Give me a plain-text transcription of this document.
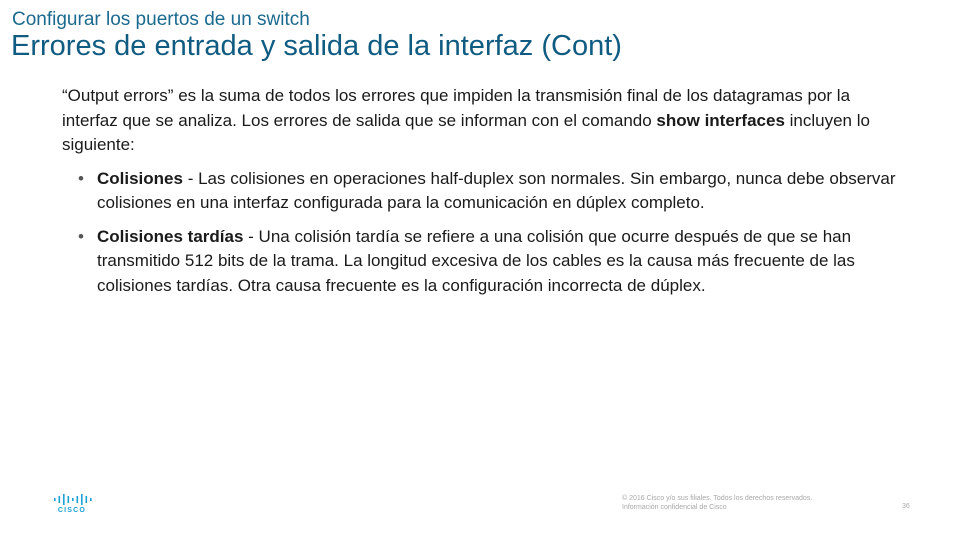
Configurar los puertos de un switch
Errores de entrada y salida de la interfaz (Cont)

“Output errors” es la suma de todos los errores que impiden la transmisión final de los datagramas por la interfaz que se analiza. Los errores de salida que se informan con el comando show interfaces incluyen lo siguiente:

• Colisiones - Las colisiones en operaciones half-duplex son normales. Sin embargo, nunca debe observar colisiones en una interfaz configurada para la comunicación en dúplex completo.
• Colisiones tardías - Una colisión tardía se refiere a una colisión que ocurre después de que se han transmitido 512 bits de la trama. La longitud excesiva de los cables es la causa más frecuente de las colisiones tardías. Otra causa frecuente es la configuración incorrecta de dúplex.
CISCO
© 2016 Cisco y/o sus filiales. Todos los derechos reservados.
Información confidencial de Cisco	36
